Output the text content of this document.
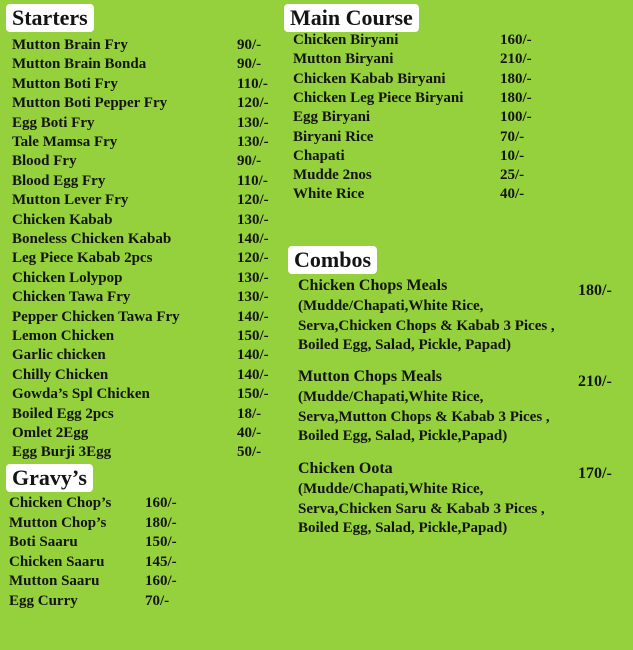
Starters	Main Course
Gravy’s
Combos
Mutton Brain Fry	90/-
Mutton Brain Bonda	90/-
Mutton Boti Fry	110/-
Mutton Boti Pepper Fry	120/-
Egg Boti Fry	130/-
Tale Mamsa Fry	130/-
Blood Fry	90/-
Blood Egg Fry	110/-
Mutton Lever Fry	120/-
Chicken Kabab	130/-
Boneless Chicken Kabab	140/-
Leg Piece Kabab 2pcs	120/-
Chicken Lolypop	130/-
Chicken Tawa Fry	130/-
Pepper Chicken Tawa Fry	140/-
Lemon Chicken	150/-
Garlic chicken	140/-
Chilly Chicken	140/-
Gowda’s Spl Chicken	150/-
Boiled Egg 2pcs	18/-
Omlet 2Egg	40/-
Egg Burji 3Egg	50/-
Chicken Chop’s 160/-
Mutton Chop’s	180/-
Boti Saaru	150/-
Chicken Saaru	145/-
Mutton Saaru	160/-
Egg Curry	70/-
Chicken Biryani	160/-
Mutton Biryani	210/-
Chicken Kabab Biryani	180/-
Chicken Leg Piece Biryani 180/-
Egg Biryani	100/-
Biryani Rice	70/-
Chapati	10/-
Mudde 2nos	25/-
White Rice	40/-
Chicken Chops Meals	180/-
(Mudde/Chapati,White Rice,
Serva,Chicken Chops & Kabab 3 Pices ,
Boiled Egg, Salad, Pickle, Papad)
Mutton Chops Meals	210/-
(Mudde/Chapati,White Rice,
Serva,Mutton Chops & Kabab 3 Pices ,
Boiled Egg, Salad, Pickle,Papad)
Chicken Oota	170/-
(Mudde/Chapati,White Rice,
Serva,Chicken Saru & Kabab 3 Pices ,
Boiled Egg, Salad, Pickle,Papad)
